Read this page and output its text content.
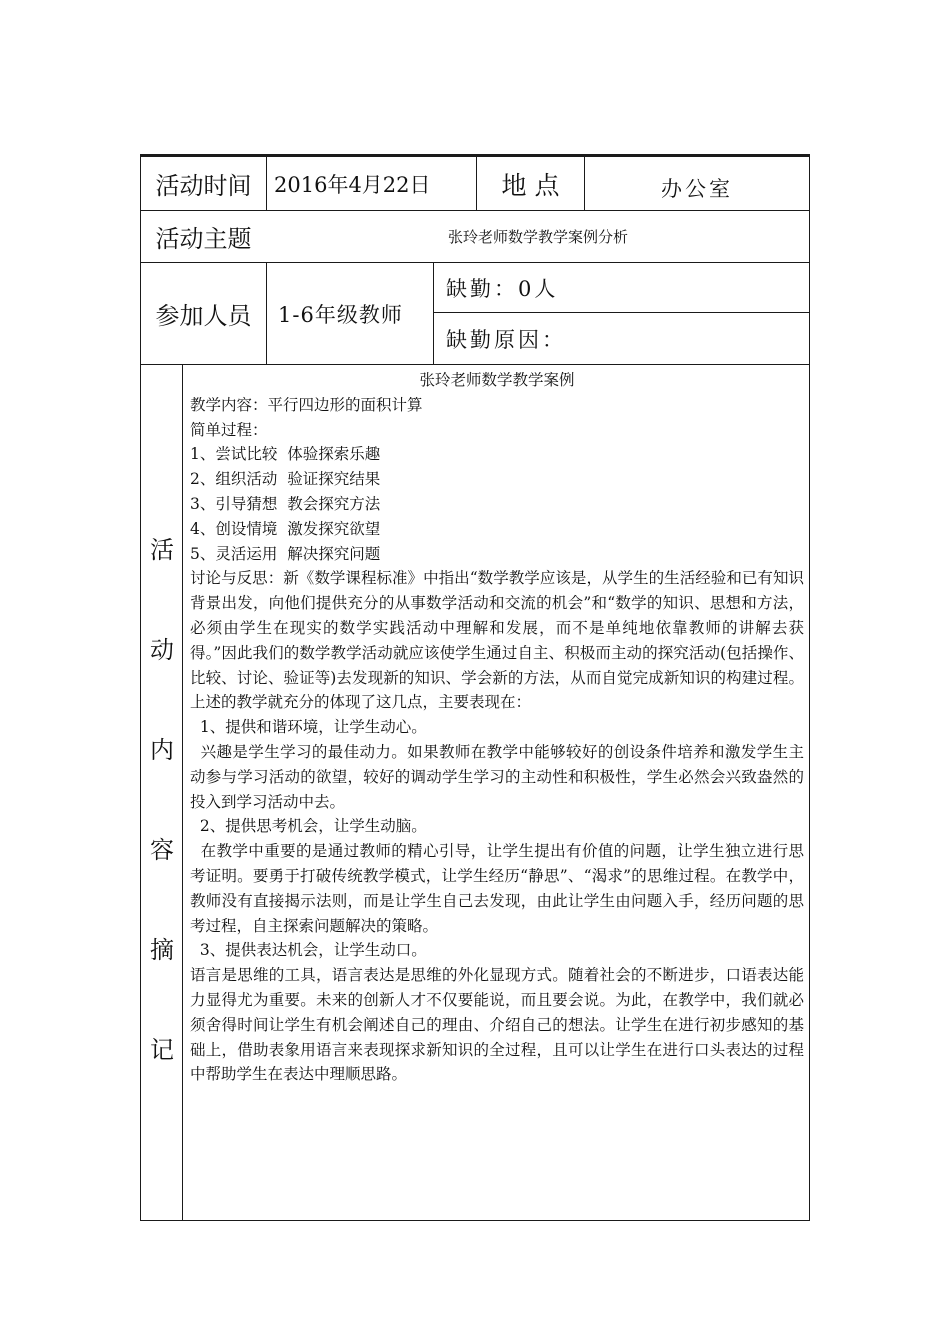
活动时间	2016年4月22日	地 点	办公室
活动主题	张玲老师数学教学案例分析
参加人员	1-6年级教师
缺勤：0人
缺勤原因：
活
动
内
容
摘
记

张玲老师数学教学案例

教学内容：平行四边形的面积计算

简单过程：

1、尝试比较  体验探索乐趣

2、组织活动  验证探究结果

3、引导猜想  教会探究方法

4、创设情境  激发探究欲望

5、灵活运用  解决探究问题

讨论与反思：新《数学课程标准》中指出“数学教学应该是，从学生的生活经验和已有知识背景出发，向他们提供充分的从事数学活动和交流的机会”和“数学的知识、思想和方法，必须由学生在现实的数学实践活动中理解和发展，而不是单纯地依靠教师的讲解去获得。”因此我们的数学教学活动就应该使学生通过自主、积极而主动的探究活动(包括操作、比较、讨论、验证等)去发现新的知识、学会新的方法，从而自觉完成新知识的构建过程。上述的教学就充分的体现了这几点，主要表现在：

1、提供和谐环境，让学生动心。

兴趣是学生学习的最佳动力。如果教师在教学中能够较好的创设条件培养和激发学生主动参与学习活动的欲望，较好的调动学生学习的主动性和积极性，学生必然会兴致盎然的投入到学习活动中去。

2、提供思考机会，让学生动脑。

在教学中重要的是通过教师的精心引导，让学生提出有价值的问题，让学生独立进行思考证明。要勇于打破传统教学模式，让学生经历“静思”、“渴求”的思维过程。在教学中，教师没有直接揭示法则，而是让学生自己去发现，由此让学生由问题入手，经历问题的思考过程，自主探索问题解决的策略。

3、提供表达机会，让学生动口。

语言是思维的工具，语言表达是思维的外化显现方式。随着社会的不断进步，口语表达能力显得尤为重要。未来的创新人才不仅要能说，而且要会说。为此，在教学中，我们就必须舍得时间让学生有机会阐述自己的理由、介绍自己的想法。让学生在进行初步感知的基础上，借助表象用语言来表现探求新知识的全过程，且可以让学生在进行口头表达的过程中帮助学生在表达中理顺思路。
